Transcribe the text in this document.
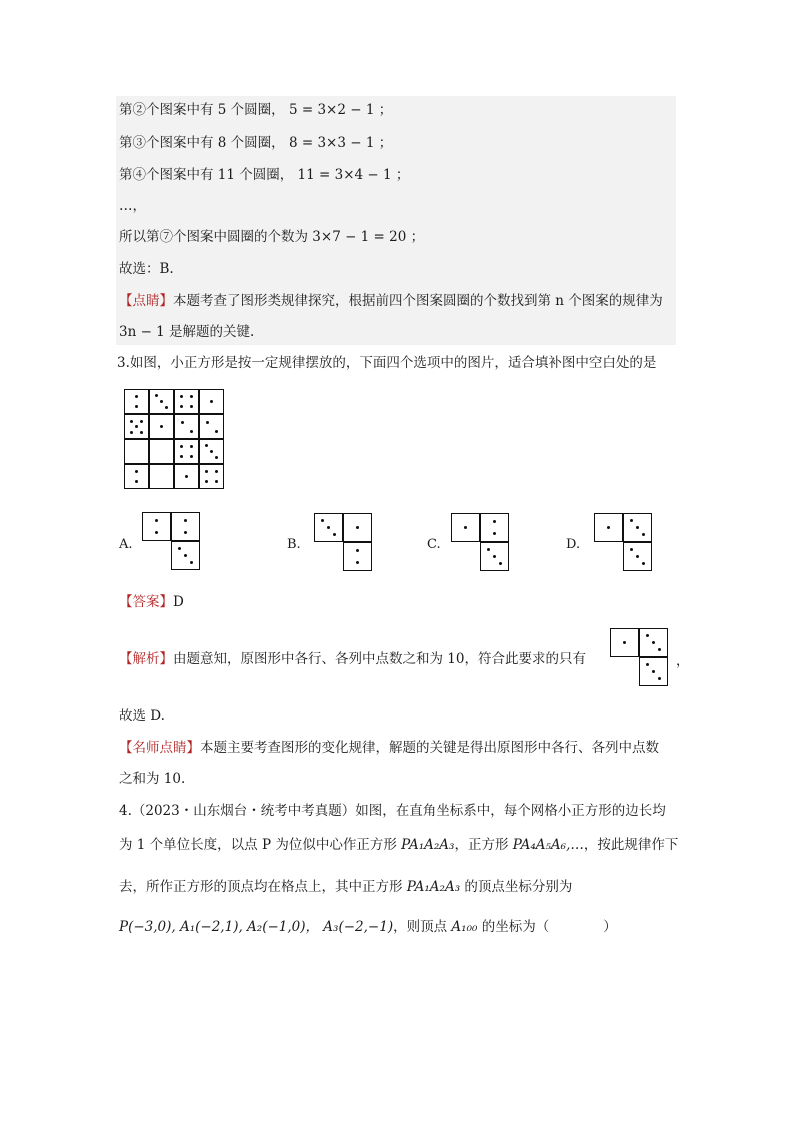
第②个图案中有 5 个圆圈， 5 = 3×2 − 1 ；
第③个图案中有 8 个圆圈， 8 = 3×3 − 1 ；
第④个图案中有 11 个圆圈， 11 = 3×4 − 1 ；
…，
所以第⑦个图案中圆圈的个数为 3×7 − 1 = 20 ；
故选：B.
【点睛】本题考查了图形类规律探究，根据前四个图案圆圈的个数找到第 n 个图案的规律为
3n − 1 是解题的关键.
3.如图，小正方形是按一定规律摆放的，下面四个选项中的图片，适合填补图中空白处的是
A.	B.	C.	D.
【答案】D
【解析】由题意知，原图形中各行、各列中点数之和为 10，符合此要求的只有	，
故选 D.
【名师点睛】本题主要考查图形的变化规律，解题的关键是得出原图形中各行、各列中点数
之和为 10.
4.（2023・山东烟台・统考中考真题）如图，在直角坐标系中，每个网格小正方形的边长均
为 1 个单位长度，以点 P 为位似中心作正方形 PA₁A₂A₃，正方形 PA₄A₅A₆,…，按此规律作下
去，所作正方形的顶点均在格点上，其中正方形 PA₁A₂A₃ 的顶点坐标分别为
P(−3,0), A₁(−2,1), A₂(−1,0)， A₃(−2,−1)，则顶点 A₁₀₀ 的坐标为（　　　　）
